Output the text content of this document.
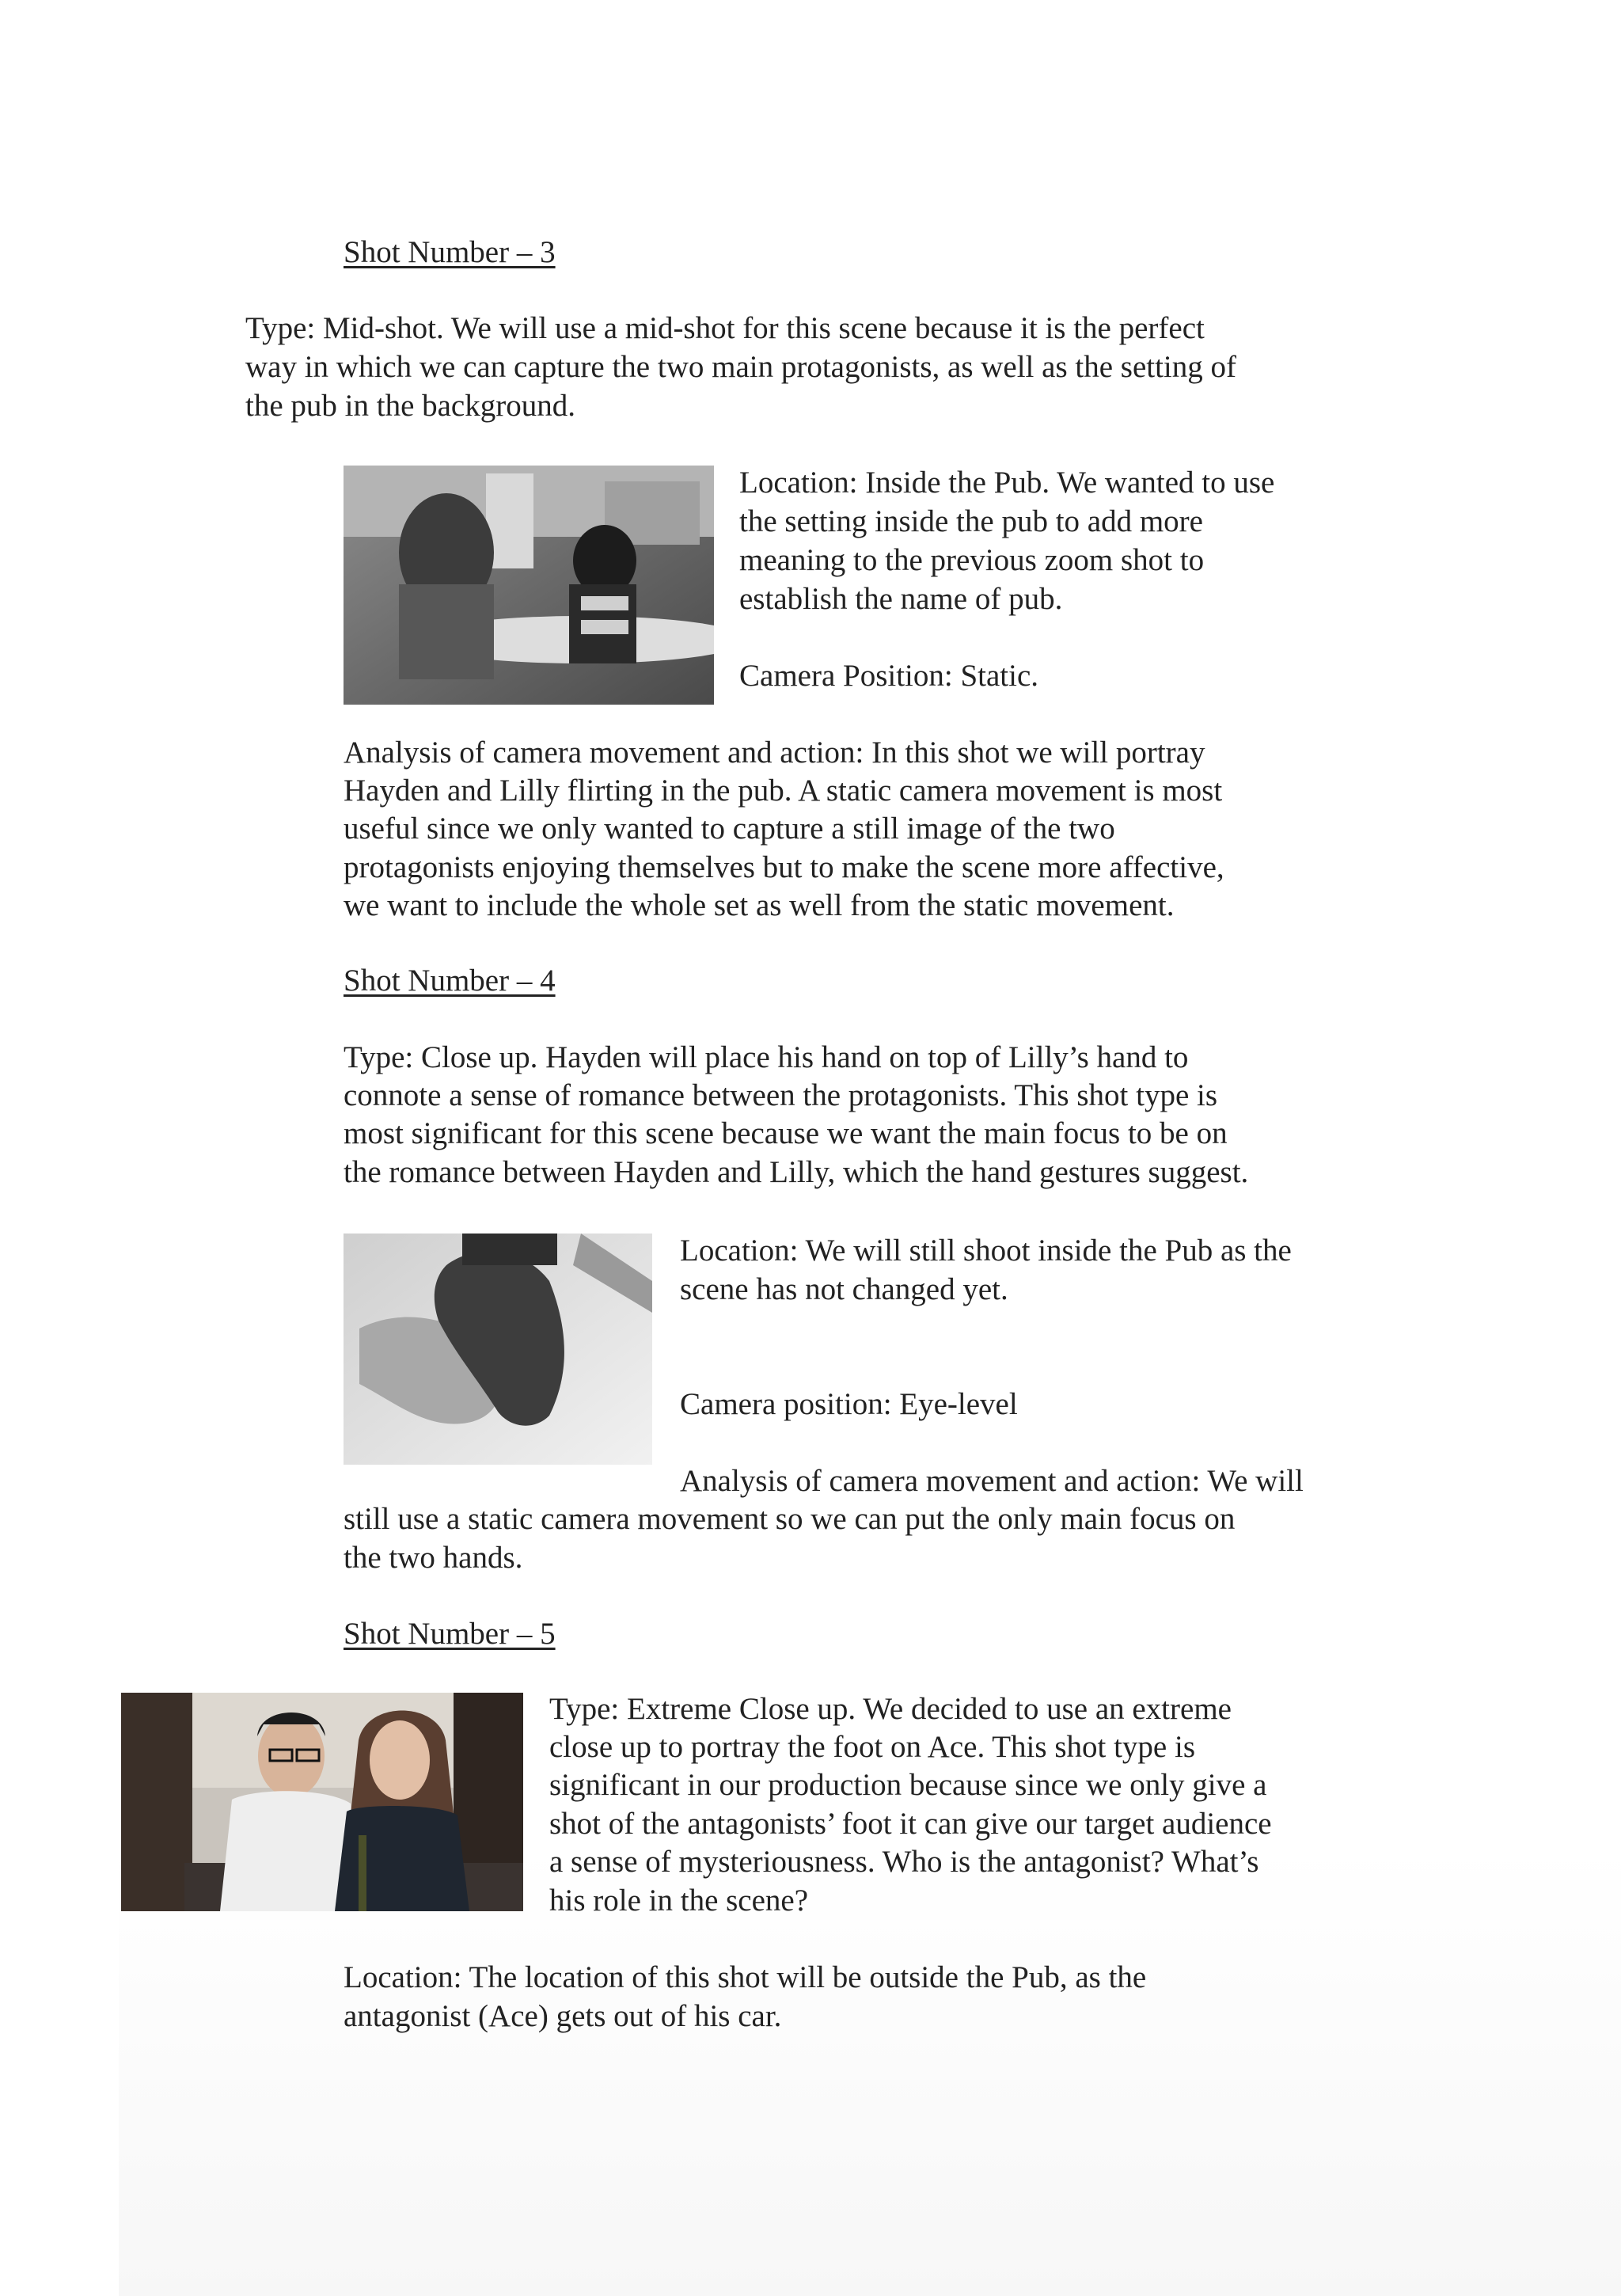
Shot Number – 3

Type: Mid-shot. We will use a mid-shot for this scene because it is the perfect

way in which we can capture the two main protagonists, as well as the setting of

the pub in the background.

Location: Inside the Pub. We wanted to use

the setting inside the pub to add more

meaning to the previous zoom shot to

establish the name of pub.

Camera Position: Static.

Analysis of camera movement and action: In this shot we will portray

Hayden and Lilly flirting in the pub. A static camera movement is most

useful since we only wanted to capture a still image of the two

protagonists enjoying themselves but to make the scene more affective,

we want to include the whole set as well from the static movement.

Shot Number – 4

Type: Close up. Hayden will place his hand on top of Lilly’s hand to

connote a sense of romance between the protagonists. This shot type is

most significant for this scene because we want the main focus to be on

the romance between Hayden and Lilly, which the hand gestures suggest.

Location: We will still shoot inside the Pub as the

scene has not changed yet.

Camera position: Eye-level

Analysis of camera movement and action: We will

still use a static camera movement so we can put the only main focus on

the two hands.

Shot Number – 5

Type: Extreme Close up. We decided to use an extreme

close up to portray the foot on Ace. This shot type is

significant in our production because since we only give a

shot of the antagonists’ foot it can give our target audience

a sense of mysteriousness. Who is the antagonist? What’s

his role in the scene?

Location: The location of this shot will be outside the Pub, as the

antagonist (Ace) gets out of his car.
